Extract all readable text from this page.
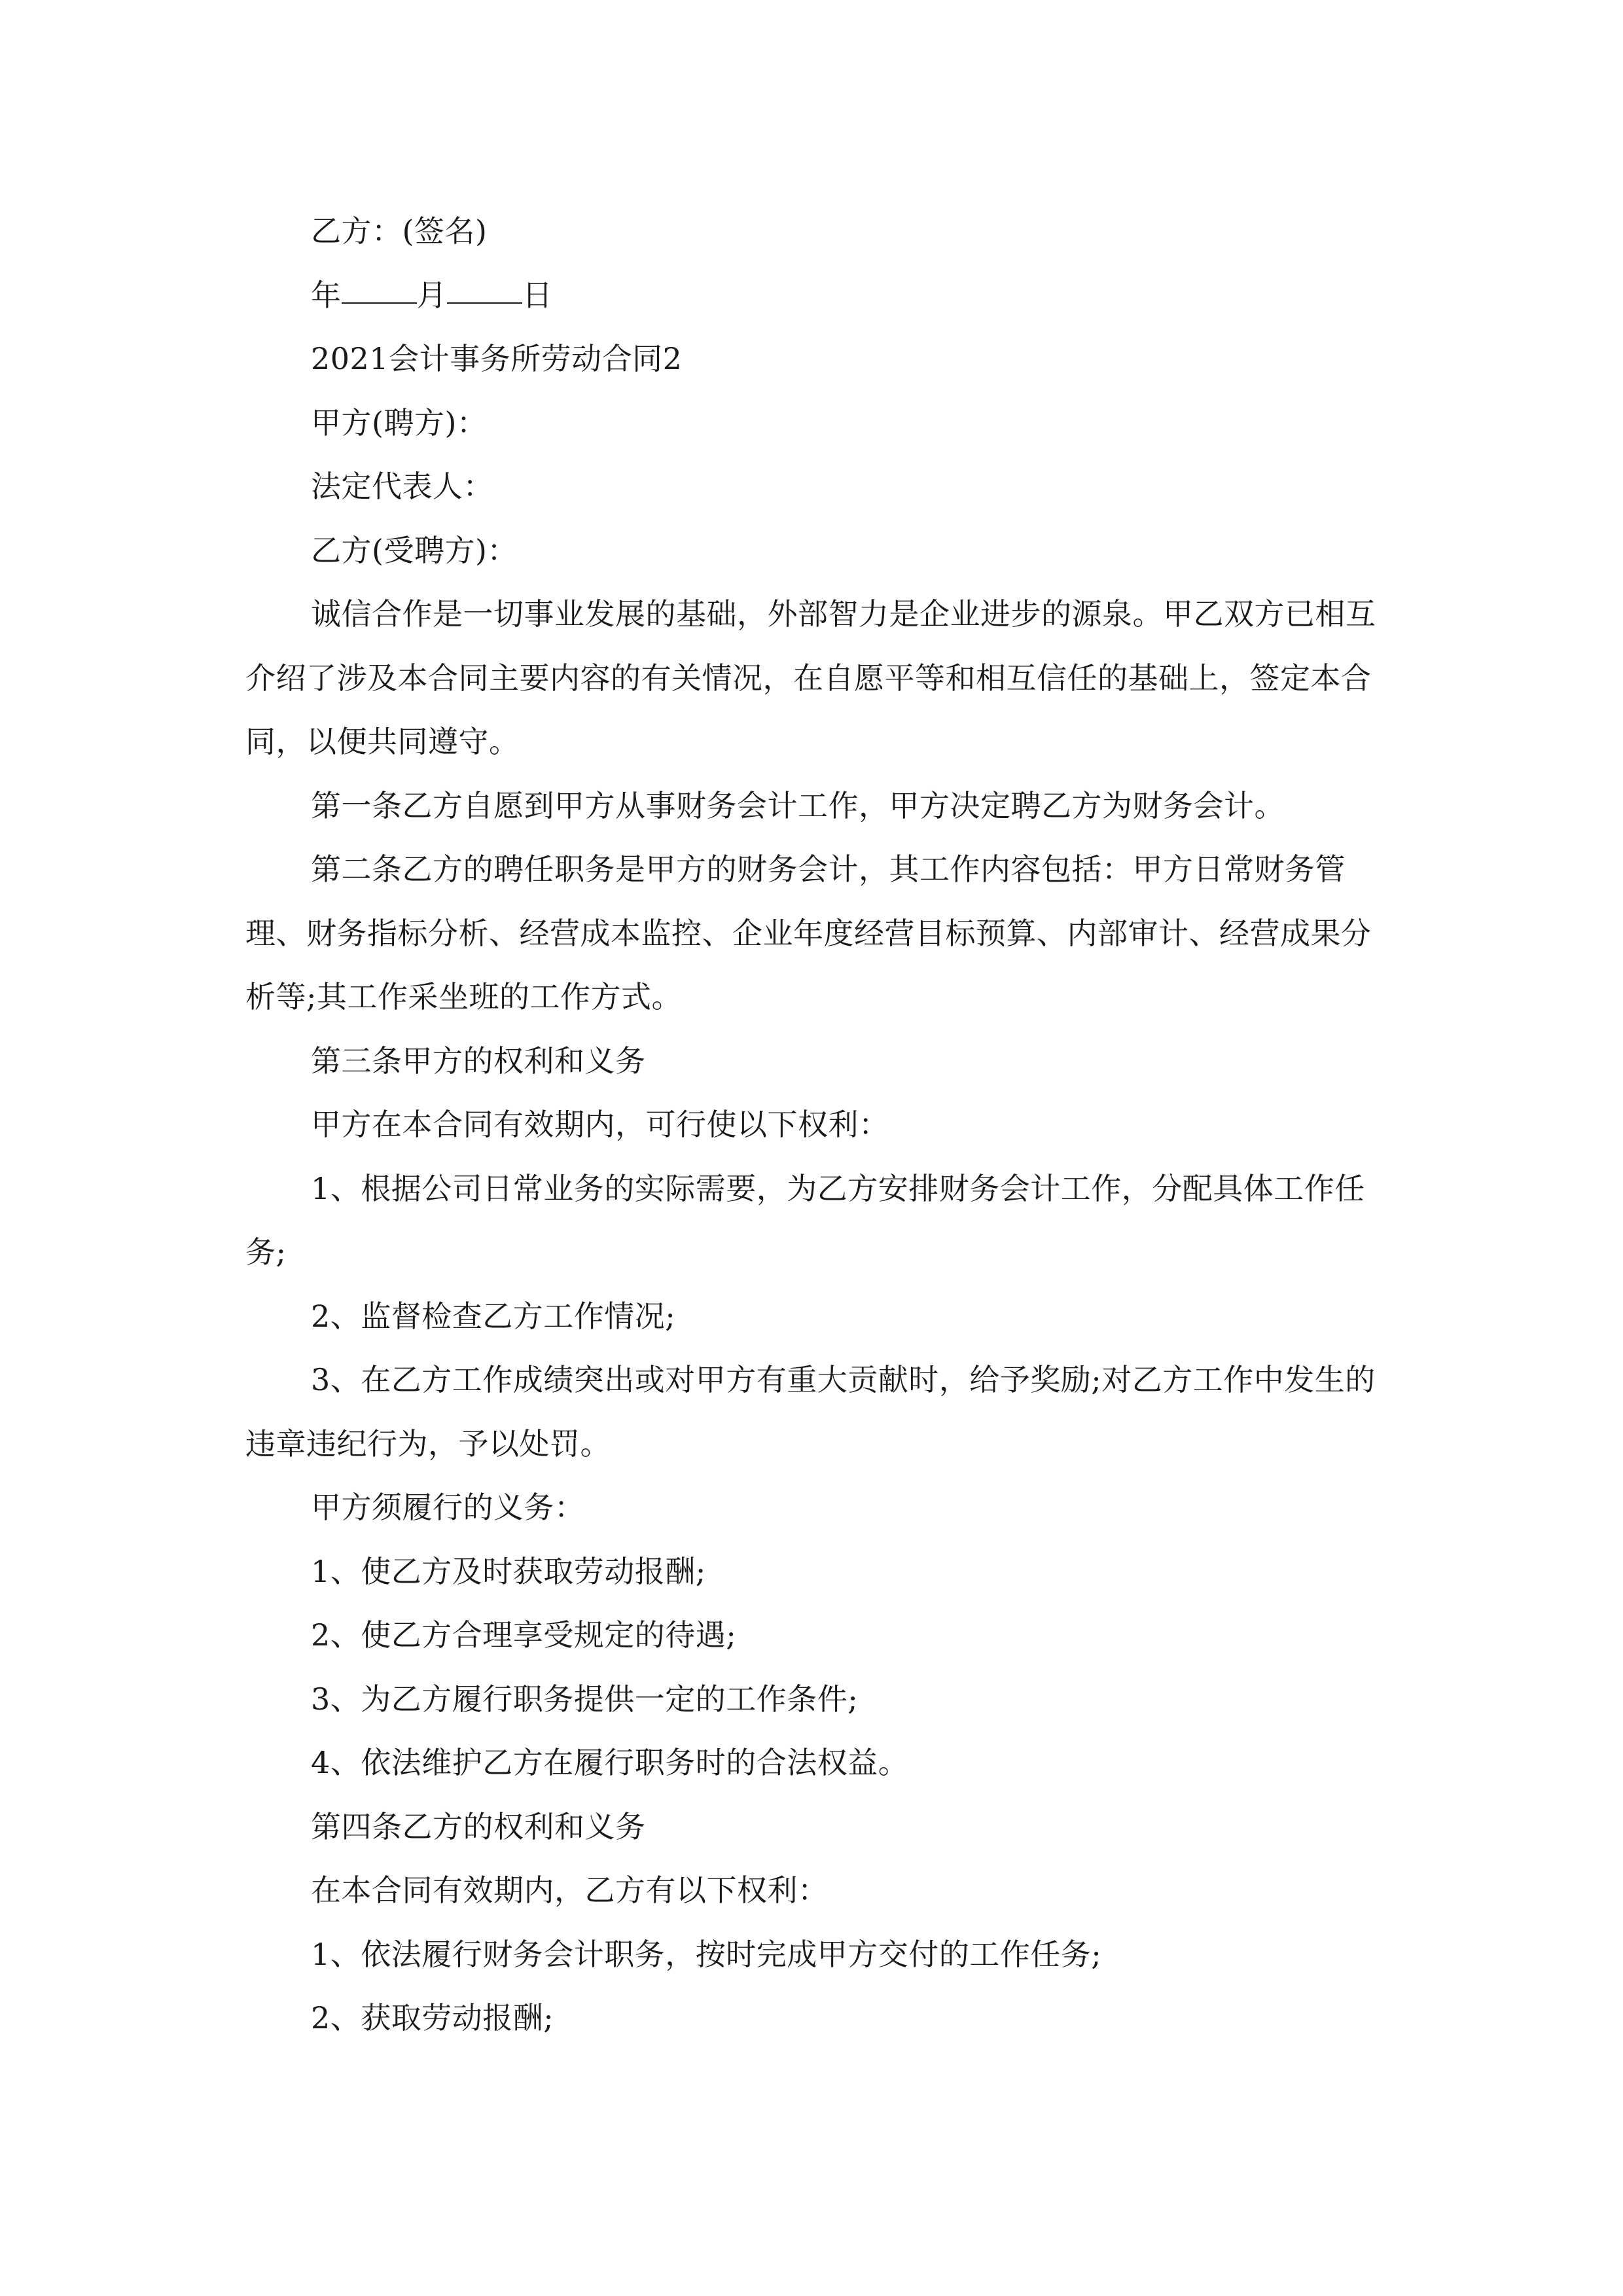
乙方：(签名)

年	月	日

2021会计事务所劳动合同2

甲方(聘方)：

法定代表人：

乙方(受聘方)：

诚信合作是一切事业发展的基础，外部智力是企业进步的源泉。甲乙双方已相互介绍了涉及本合同主要内容的有关情况，在自愿平等和相互信任的基础上，签定本合同，以便共同遵守。

第一条乙方自愿到甲方从事财务会计工作，甲方决定聘乙方为财务会计。

第二条乙方的聘任职务是甲方的财务会计，其工作内容包括：甲方日常财务管理、财务指标分析、经营成本监控、企业年度经营目标预算、内部审计、经营成果分析等;其工作采坐班的工作方式。

第三条甲方的权利和义务

甲方在本合同有效期内，可行使以下权利：

1、根据公司日常业务的实际需要，为乙方安排财务会计工作，分配具体工作任务;

2、监督检查乙方工作情况;

3、在乙方工作成绩突出或对甲方有重大贡献时，给予奖励;对乙方工作中发生的违章违纪行为，予以处罚。

甲方须履行的义务：

1、使乙方及时获取劳动报酬;

2、使乙方合理享受规定的待遇;

3、为乙方履行职务提供一定的工作条件;

4、依法维护乙方在履行职务时的合法权益。

第四条乙方的权利和义务

在本合同有效期内，乙方有以下权利：

1、依法履行财务会计职务，按时完成甲方交付的工作任务;

2、获取劳动报酬;
